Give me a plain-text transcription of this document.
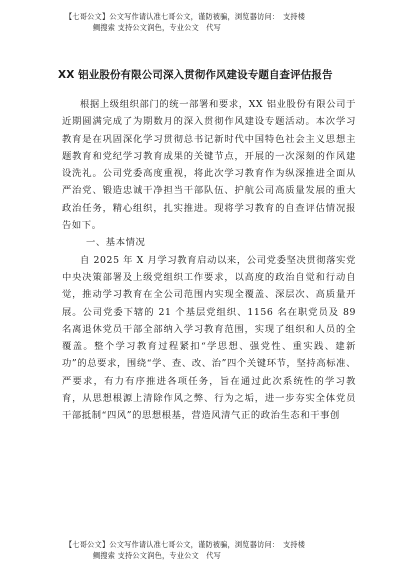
【七哥公文】公文写作请认准七哥公文，谨防被骗，浏览器访问：　支持楼
鲷搜索 支持公文润色，专业公文　代写
XX 铝业股份有限公司深入贯彻作风建设专题自查评估报告

根据上级组织部门的统一部署和要求，XX 铝业股份有限公司于近期圆满完成了为期数月的深入贯彻作风建设专题活动。本次学习教育是在巩固深化学习贯彻总书记新时代中国特色社会主义思想主题教育和党纪学习教育成果的关键节点，开展的一次深刻的作风建设洗礼。公司党委高度重视，将此次学习教育作为纵深推进全面从严治党、锻造忠诚干净担当干部队伍、护航公司高质量发展的重大政治任务，精心组织，扎实推进。现将学习教育的自查评估情况报告如下。

一、基本情况

自 2025 年 X 月学习教育启动以来，公司党委坚决贯彻落实党中央决策部署及上级党组织工作要求，以高度的政治自觉和行动自觉，推动学习教育在全公司范围内实现全覆盖、深层次、高质量开展。公司党委下辖的 21 个基层党组织、1156 名在职党员及 89 名离退休党员干部全部纳入学习教育范围，实现了组织和人员的全覆盖。整个学习教育过程紧扣“学思想、强党性、重实践、建新功”的总要求，围绕“学、查、改、治”四个关键环节，坚持高标准、严要求，有力有序推进各项任务，旨在通过此次系统性的学习教育，从思想根源上清除作风之弊、行为之垢，进一步夯实全体党员干部抵制“四风”的思想根基，营造风清气正的政治生态和干事创

【七哥公文】公文写作请认准七哥公文，谨防被骗，浏览器访问：　支持楼
鲷搜索 支持公文润色，专业公文　代写
